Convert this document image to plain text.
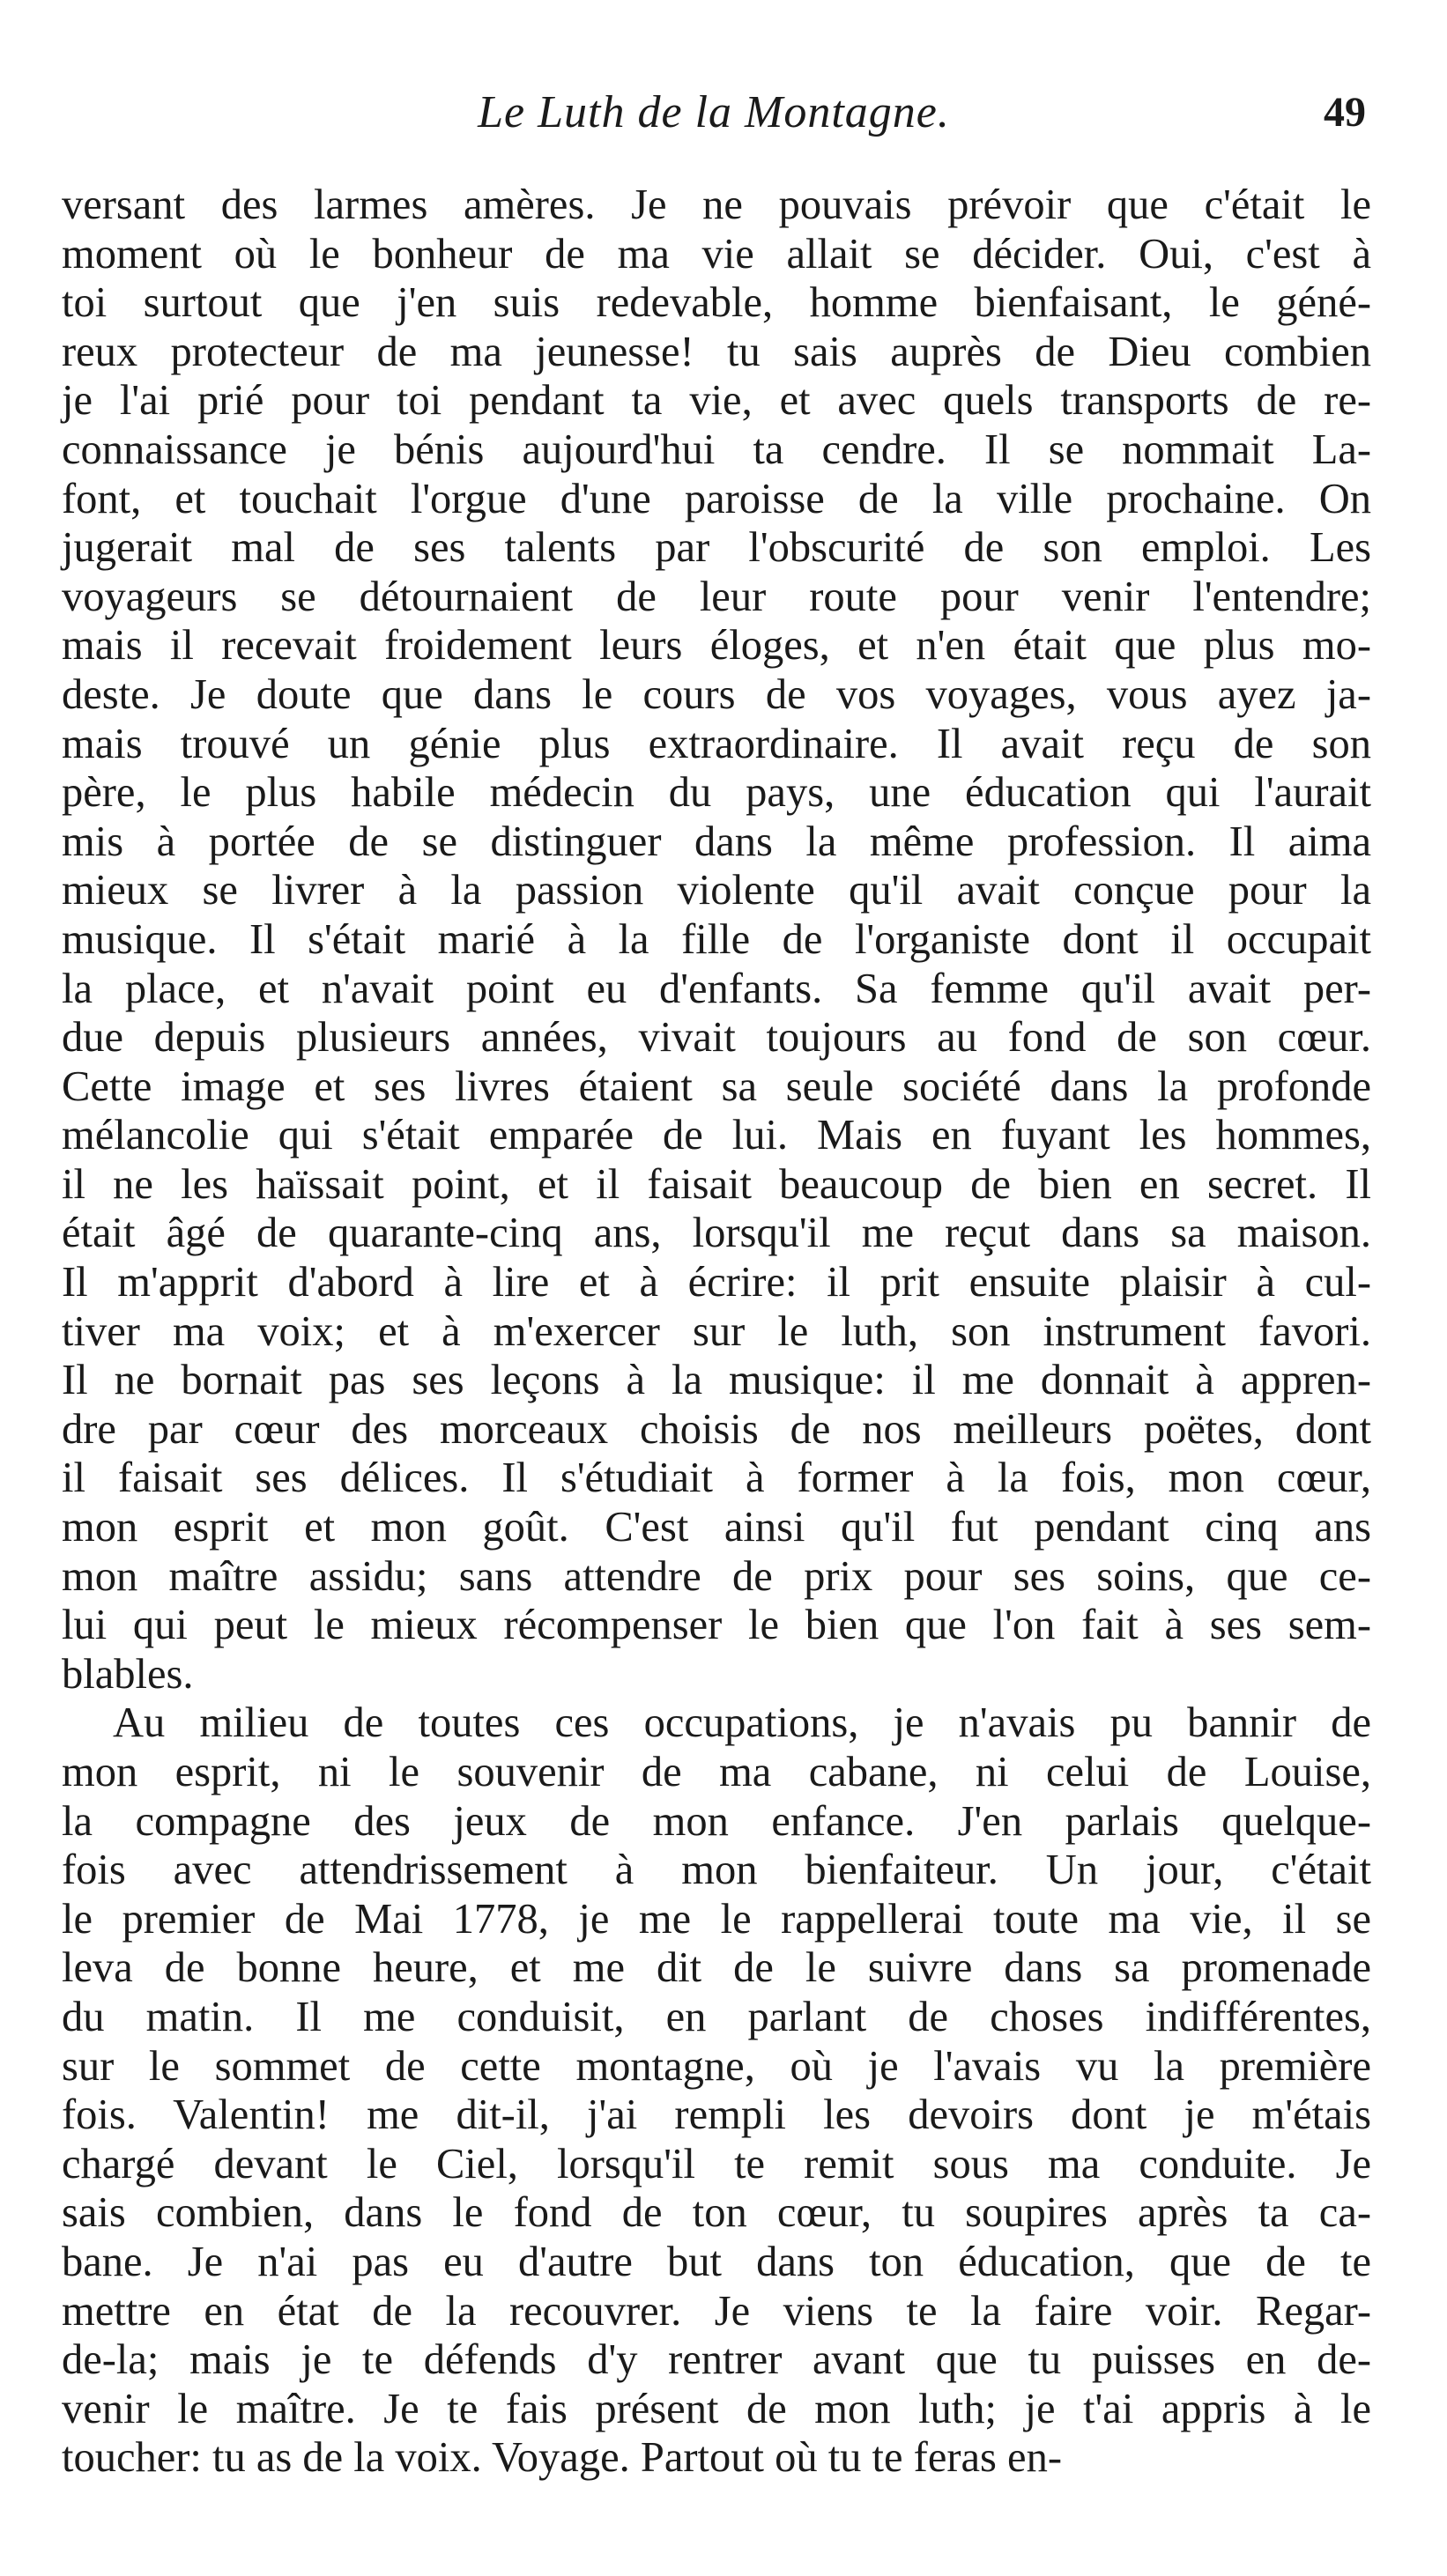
Le Luth de la Montagne.	49
versant des larmes amères. Je ne pouvais prévoir que c'était le
moment où le bonheur de ma vie allait se décider. Oui, c'est à
toi surtout que j'en suis redevable, homme bienfaisant, le géné-
reux protecteur de ma jeunesse! tu sais auprès de Dieu combien
je l'ai prié pour toi pendant ta vie, et avec quels transports de re-
connaissance je bénis aujourd'hui ta cendre. Il se nommait La-
font, et touchait l'orgue d'une paroisse de la ville prochaine. On
jugerait mal de ses talents par l'obscurité de son emploi. Les
voyageurs se détournaient de leur route pour venir l'entendre;
mais il recevait froidement leurs éloges, et n'en était que plus mo-
deste. Je doute que dans le cours de vos voyages, vous ayez ja-
mais trouvé un génie plus extraordinaire. Il avait reçu de son
père, le plus habile médecin du pays, une éducation qui l'aurait
mis à portée de se distinguer dans la même profession. Il aima
mieux se livrer à la passion violente qu'il avait conçue pour la
musique. Il s'était marié à la fille de l'organiste dont il occupait
la place, et n'avait point eu d'enfants. Sa femme qu'il avait per-
due depuis plusieurs années, vivait toujours au fond de son cœur.
Cette image et ses livres étaient sa seule société dans la profonde
mélancolie qui s'était emparée de lui. Mais en fuyant les hommes,
il ne les haïssait point, et il faisait beaucoup de bien en secret. Il
était âgé de quarante-cinq ans, lorsqu'il me reçut dans sa maison.
Il m'apprit d'abord à lire et à écrire: il prit ensuite plaisir à cul-
tiver ma voix; et à m'exercer sur le luth, son instrument favori.
Il ne bornait pas ses leçons à la musique: il me donnait à appren-
dre par cœur des morceaux choisis de nos meilleurs poëtes, dont
il faisait ses délices. Il s'étudiait à former à la fois, mon cœur,
mon esprit et mon goût. C'est ainsi qu'il fut pendant cinq ans
mon maître assidu; sans attendre de prix pour ses soins, que ce-
lui qui peut le mieux récompenser le bien que l'on fait à ses sem-
blables.
Au milieu de toutes ces occupations, je n'avais pu bannir de
mon esprit, ni le souvenir de ma cabane, ni celui de Louise,
la compagne des jeux de mon enfance. J'en parlais quelque-
fois avec attendrissement à mon bienfaiteur. Un jour, c'était
le premier de Mai 1778, je me le rappellerai toute ma vie, il se
leva de bonne heure, et me dit de le suivre dans sa promenade
du matin. Il me conduisit, en parlant de choses indifférentes,
sur le sommet de cette montagne, où je l'avais vu la première
fois. Valentin! me dit-il, j'ai rempli les devoirs dont je m'étais
chargé devant le Ciel, lorsqu'il te remit sous ma conduite. Je
sais combien, dans le fond de ton cœur, tu soupires après ta ca-
bane. Je n'ai pas eu d'autre but dans ton éducation, que de te
mettre en état de la recouvrer. Je viens te la faire voir. Regar-
de-la; mais je te défends d'y rentrer avant que tu puisses en de-
venir le maître. Je te fais présent de mon luth; je t'ai appris à le
toucher: tu as de la voix. Voyage. Partout où tu te feras en-
